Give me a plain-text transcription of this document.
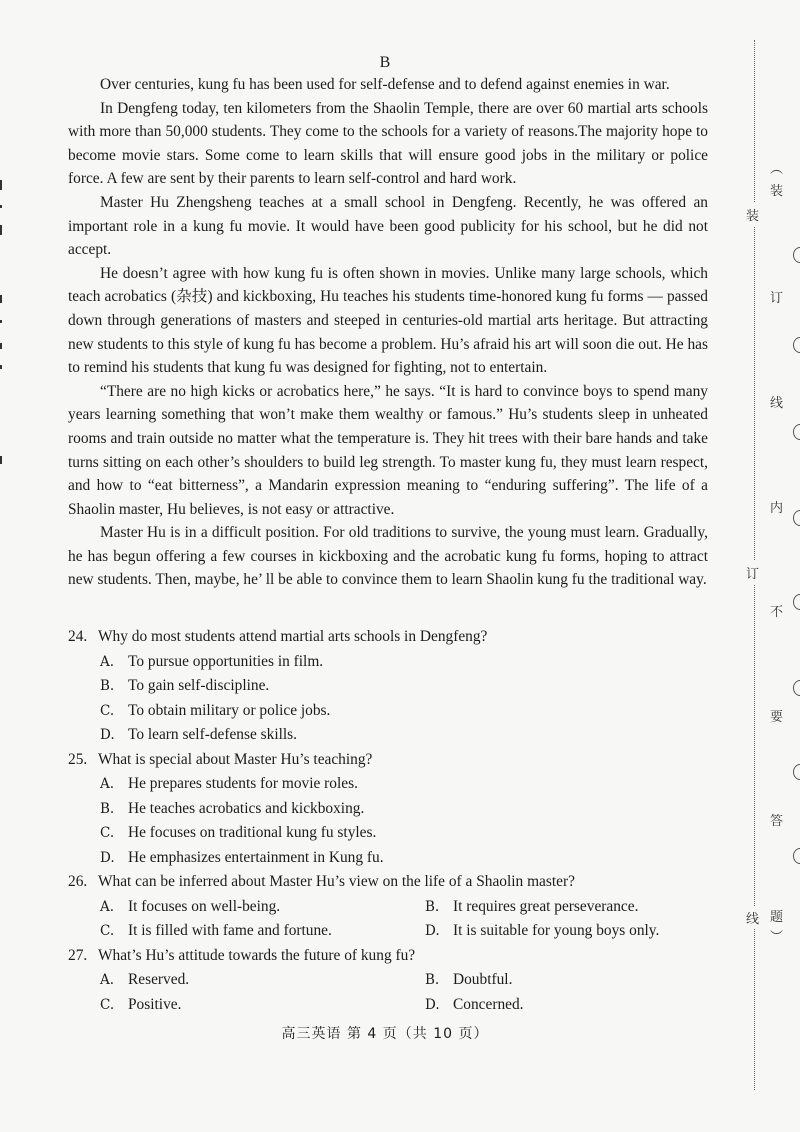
B

Over centuries, kung fu has been used for self-defense and to defend against enemies in war.

In Dengfeng today, ten kilometers from the Shaolin Temple, there are over 60 martial arts schools with more than 50,000 students. They come to the schools for a variety of reasons.The majority hope to become movie stars. Some come to learn skills that will ensure good jobs in the military or police force. A few are sent by their parents to learn self-control and hard work.

Master Hu Zhengsheng teaches at a small school in Dengfeng. Recently, he was offered an important role in a kung fu movie. It would have been good publicity for his school, but he did not accept.

He doesn’t agree with how kung fu is often shown in movies. Unlike many large schools, which teach acrobatics (杂技) and kickboxing, Hu teaches his students time-honored kung fu forms — passed down through generations of masters and steeped in centuries-old martial arts heritage. But attracting new students to this style of kung fu has become a problem. Hu’s afraid his art will soon die out. He has to remind his students that kung fu was designed for fighting, not to entertain.

“There are no high kicks or acrobatics here,” he says. “It is hard to convince boys to spend many years learning something that won’t make them wealthy or famous.” Hu’s students sleep in unheated rooms and train outside no matter what the temperature is. They hit trees with their bare hands and take turns sitting on each other’s shoulders to build leg strength. To master kung fu, they must learn respect, and how to “eat bitterness”, a Mandarin expression meaning to “enduring suffering”. The life of a Shaolin master, Hu believes, is not easy or attractive.

Master Hu is in a difficult position. For old traditions to survive, the young must learn. Gradually, he has begun offering a few courses in kickboxing and the acrobatic kung fu forms, hoping to attract new students. Then, maybe, he’ ll be able to convince them to learn Shaolin kung fu the traditional way.

24. Why do most students attend martial arts schools in Dengfeng?
A. To pursue opportunities in film.
B. To gain self-discipline.
C. To obtain military or police jobs.
D. To learn self-defense skills.
25. What is special about Master Hu’s teaching?
A. He prepares students for movie roles.
B. He teaches acrobatics and kickboxing.
C. He focuses on traditional kung fu styles.
D. He emphasizes entertainment in Kung fu.
26. What can be inferred about Master Hu’s view on the life of a Shaolin master?
A. It focuses on well-being.	B. It requires great perseverance.
C. It is filled with fame and fortune.	D. It is suitable for young boys only.
27. What’s Hu’s attitude towards the future of kung fu?
A. Reserved.	B. Doubtful.
C. Positive.	D. Concerned.
高三英语 第 4 页（共 10 页）
装
订
线
︵
装
订
线
内
不
要
答
题
︶
